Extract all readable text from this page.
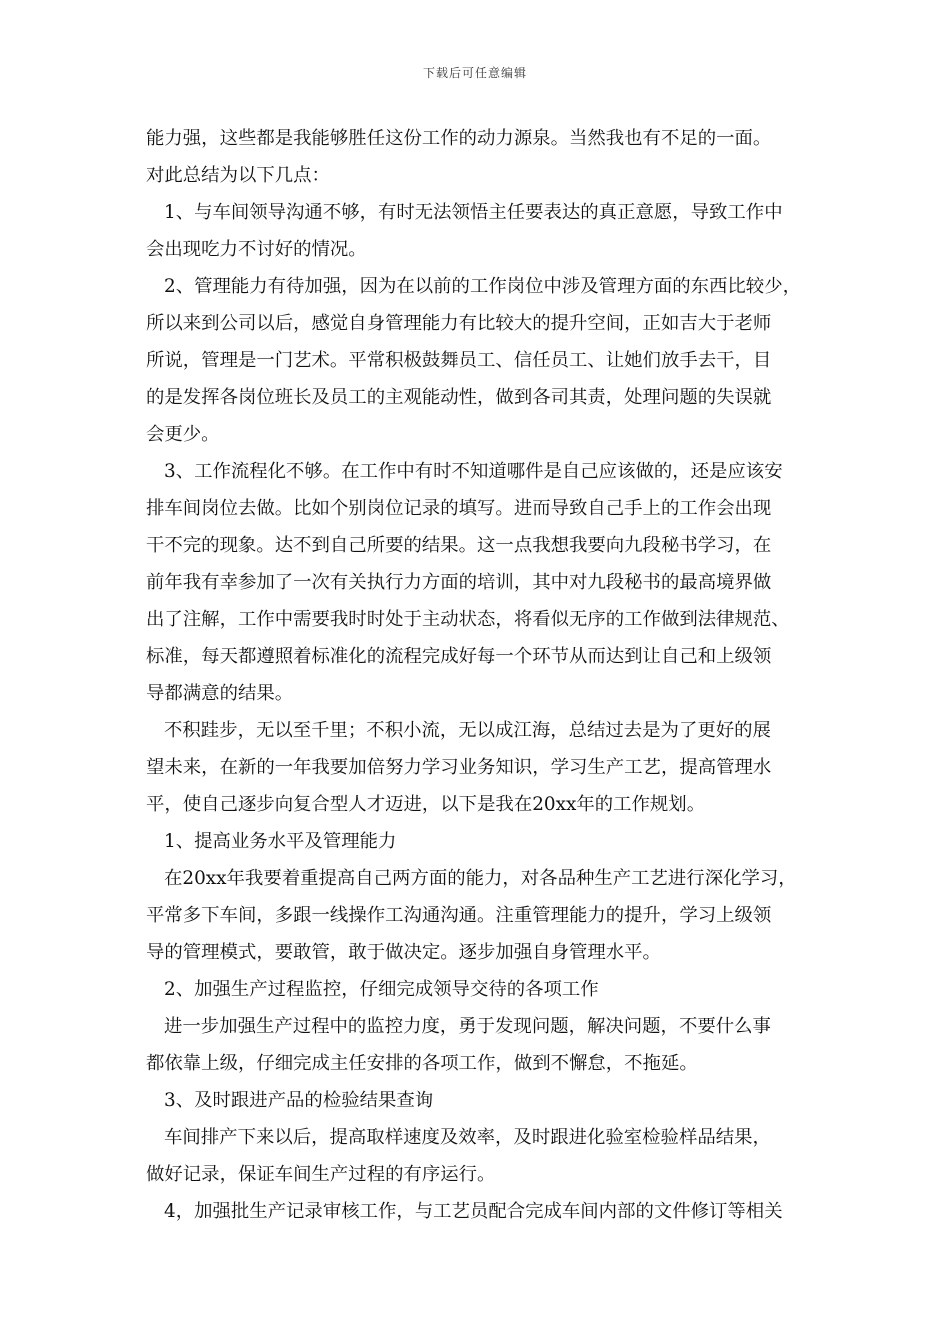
下载后可任意编辑
能力强，这些都是我能够胜任这份工作的动力源泉。当然我也有不足的一面。
对此总结为以下几点：
1、与车间领导沟通不够，有时无法领悟主任要表达的真正意愿，导致工作中
会出现吃力不讨好的情况。
2、管理能力有待加强，因为在以前的工作岗位中涉及管理方面的东西比较少，
所以来到公司以后，感觉自身管理能力有比较大的提升空间，正如吉大于老师
所说，管理是一门艺术。平常积极鼓舞员工、信任员工、让她们放手去干，目
的是发挥各岗位班长及员工的主观能动性，做到各司其责，处理问题的失误就
会更少。
3、工作流程化不够。在工作中有时不知道哪件是自己应该做的，还是应该安
排车间岗位去做。比如个别岗位记录的填写。进而导致自己手上的工作会出现
干不完的现象。达不到自己所要的结果。这一点我想我要向九段秘书学习，在
前年我有幸参加了一次有关执行力方面的培训，其中对九段秘书的最高境界做
出了注解，工作中需要我时时处于主动状态，将看似无序的工作做到法律规范、
标准，每天都遵照着标准化的流程完成好每一个环节从而达到让自己和上级领
导都满意的结果。
不积跬步，无以至千里；不积小流，无以成江海，总结过去是为了更好的展
望未来，在新的一年我要加倍努力学习业务知识，学习生产工艺，提高管理水
平，使自己逐步向复合型人才迈进，以下是我在20xx年的工作规划。
1、提高业务水平及管理能力
在20xx年我要着重提高自己两方面的能力，对各品种生产工艺进行深化学习，
平常多下车间，多跟一线操作工沟通沟通。注重管理能力的提升，学习上级领
导的管理模式，要敢管，敢于做决定。逐步加强自身管理水平。
2、加强生产过程监控，仔细完成领导交待的各项工作
进一步加强生产过程中的监控力度，勇于发现问题，解决问题，不要什么事
都依靠上级，仔细完成主任安排的各项工作，做到不懈怠，不拖延。
3、及时跟进产品的检验结果查询
车间排产下来以后，提高取样速度及效率，及时跟进化验室检验样品结果，
做好记录，保证车间生产过程的有序运行。
4，加强批生产记录审核工作，与工艺员配合完成车间内部的文件修订等相关
